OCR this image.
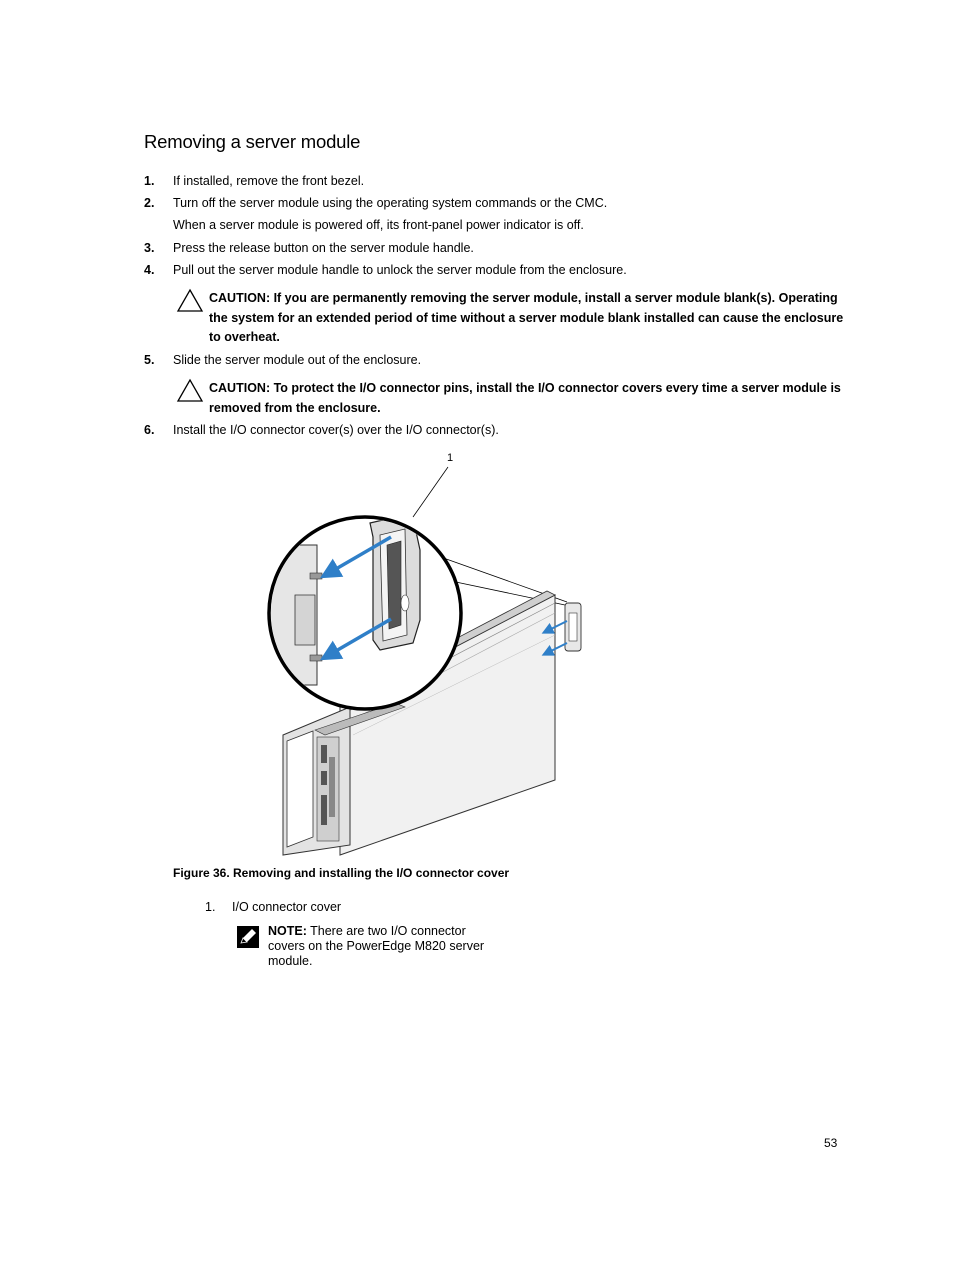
Removing a server module
1. If installed, remove the front bezel.
2. Turn off the server module using the operating system commands or the CMC.
When a server module is powered off, its front-panel power indicator is off.
3. Press the release button on the server module handle.
4. Pull out the server module handle to unlock the server module from the enclosure.
CAUTION: If you are permanently removing the server module, install a server module blank(s). Operating the system for an extended period of time without a server module blank installed can cause the enclosure to overheat.
5. Slide the server module out of the enclosure.
CAUTION: To protect the I/O connector pins, install the I/O connector covers every time a server module is removed from the enclosure.
6. Install the I/O connector cover(s) over the I/O connector(s).
1
Figure 36. Removing and installing the I/O connector cover
1. I/O connector cover
NOTE: There are two I/O connector covers on the PowerEdge M820 server module.
53
